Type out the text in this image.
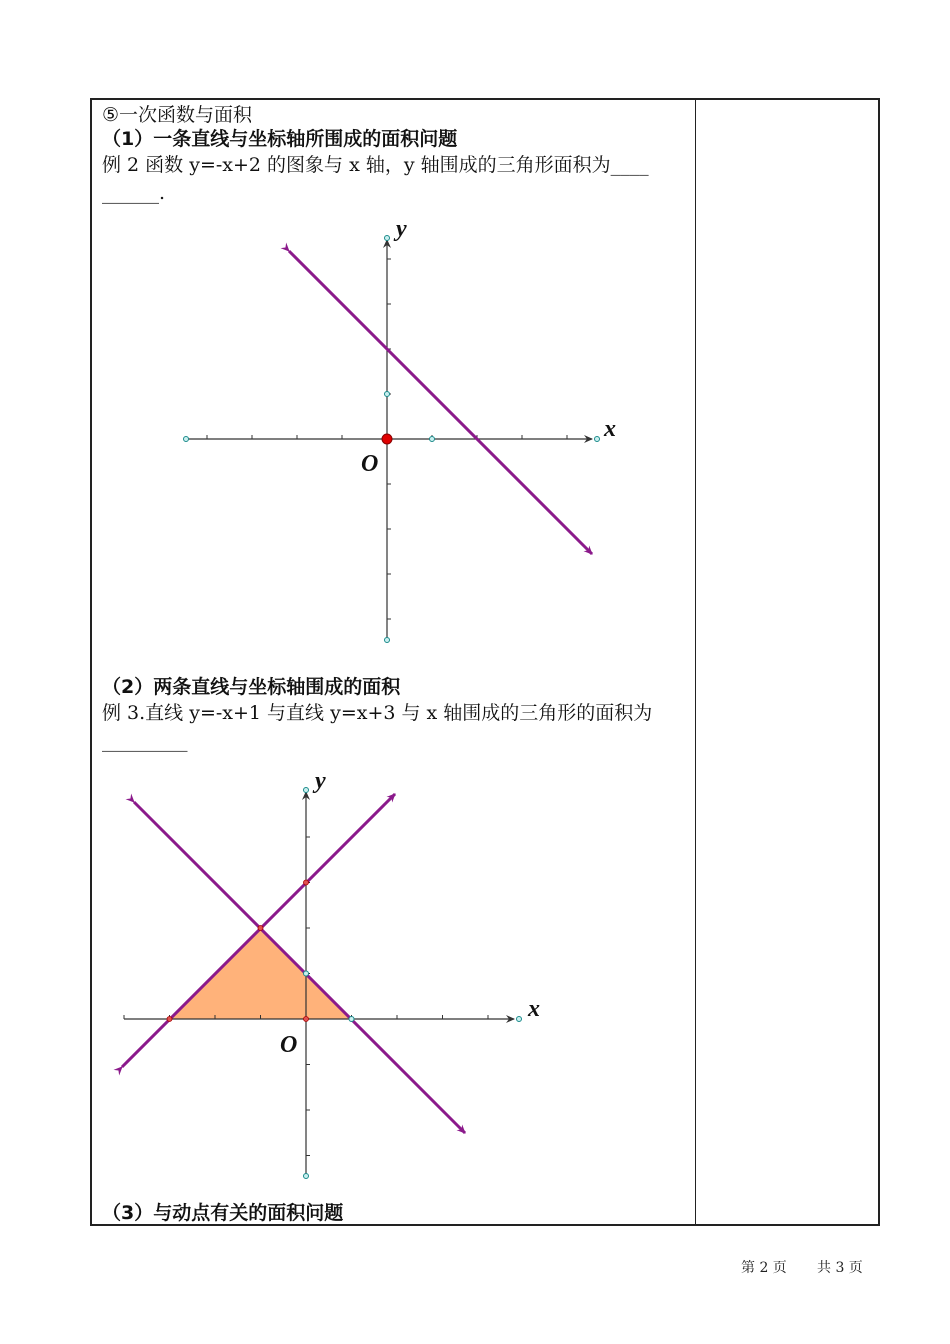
⑤一次函数与面积
（1）一条直线与坐标轴所围成的面积问题
例 2 函数 y=-x+2 的图象与 x 轴，y 轴围成的三角形面积为____
______.
y
x
O
（2）两条直线与坐标轴围成的面积
例 3.直线 y=-x+1 与直线 y=x+3 与 x 轴围成的三角形的面积为
_________
y
x
O
（3）与动点有关的面积问题
第 2 页 共 3 页
